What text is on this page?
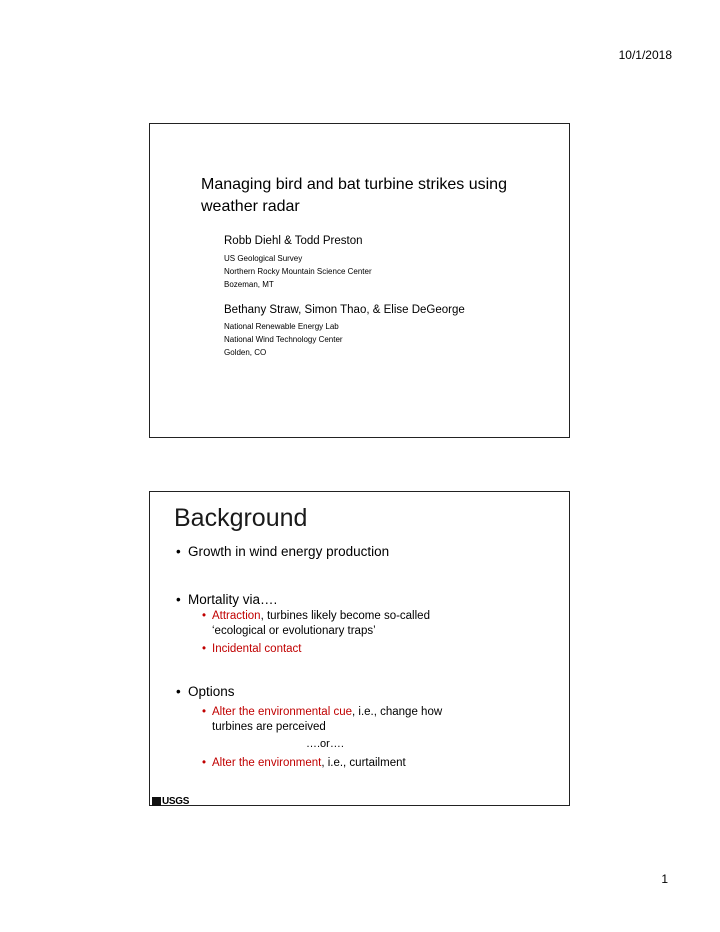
10/1/2018
Managing bird and bat turbine strikes using weather radar
Robb Diehl & Todd Preston
US Geological Survey
Northern Rocky Mountain Science Center
Bozeman, MT
Bethany Straw, Simon Thao, & Elise DeGeorge
National Renewable Energy Lab
National Wind Technology Center
Golden, CO
Background
• Growth in wind energy production
• Mortality via….
• Attraction, turbines likely become so-called
‘ecological or evolutionary traps’
• Incidental contact
• Options
• Alter the environmental cue, i.e., change how
turbines are perceived
….or….
• Alter the environment, i.e., curtailment
USGS
1
